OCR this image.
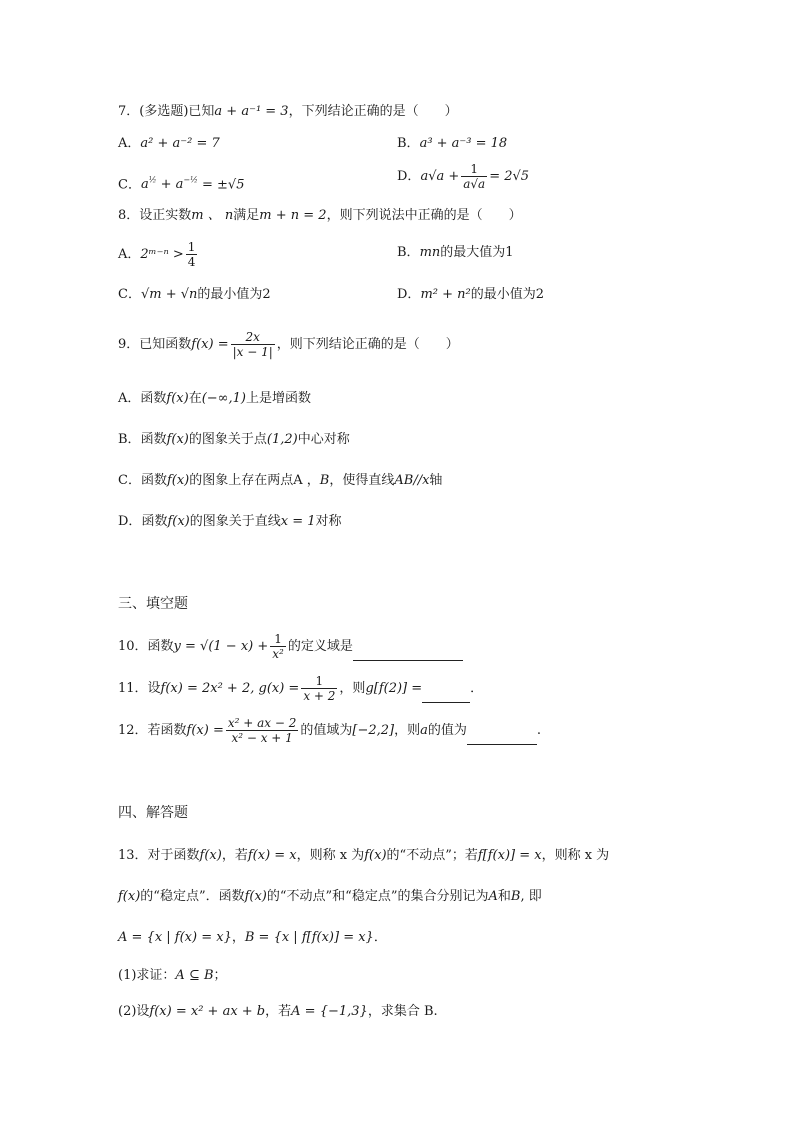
7．(多选题)已知a + a⁻¹ = 3，下列结论正确的是（　　）
A．a² + a⁻² = 7	B．a³ + a⁻³ = 18
C．$a^{\frac{1}{2}} + a^{-\frac{1}{2}} = \pm√5$
D．$a√a + \frac{1}{a√a} = 2√5$
8．设正实数m 、 n满足m + n = 2，则下列说法中正确的是（　　）
A．2ᵐ⁻ⁿ > $\frac{1}{4}$	B．mn的最大值为1
C．√m + √n的最小值为2	D．m² + n²的最小值为2
9．已知函数$f(x) = \frac{2x}{|x - 1|}$ ，则下列结论正确的是（　　）
A．函数f(x)在(−∞,1)上是增函数
B．函数f(x)的图象关于点(1,2)中心对称
C．函数f(x)的图象上存在两点A ，B，使得直线AB//x轴
D．函数f(x)的图象关于直线x = 1对称
三、填空题
10．函数$y = √(1 - x) + \frac{1}{\text{x²}}$ 的定义域是
11．设f(x) = 2x² + 2, $g(x) = \frac{1}{x + 2}$ ，则g[f(2)] =	．
12．若函数$f(x) = \frac{\text{x² + ax − 2}}{\text{x² − x + 1}}$ 的值域为[−2,2]，则a的值为	.
四、解答题
13．对于函数f(x)，若f(x) = x，则称 x 为f(x)的“不动点”；若f[f(x)] = x，则称 x 为
f(x)的“稳定点”．函数f(x)的“不动点”和“稳定点”的集合分别记为A和B, 即
A = {x | f(x) = x}，B = {x | f[f(x)] = x}．
(1)求证：A ⊆ B；
(2)设f(x) = x² + ax + b，若A = {−1,3}，求集合 B.
